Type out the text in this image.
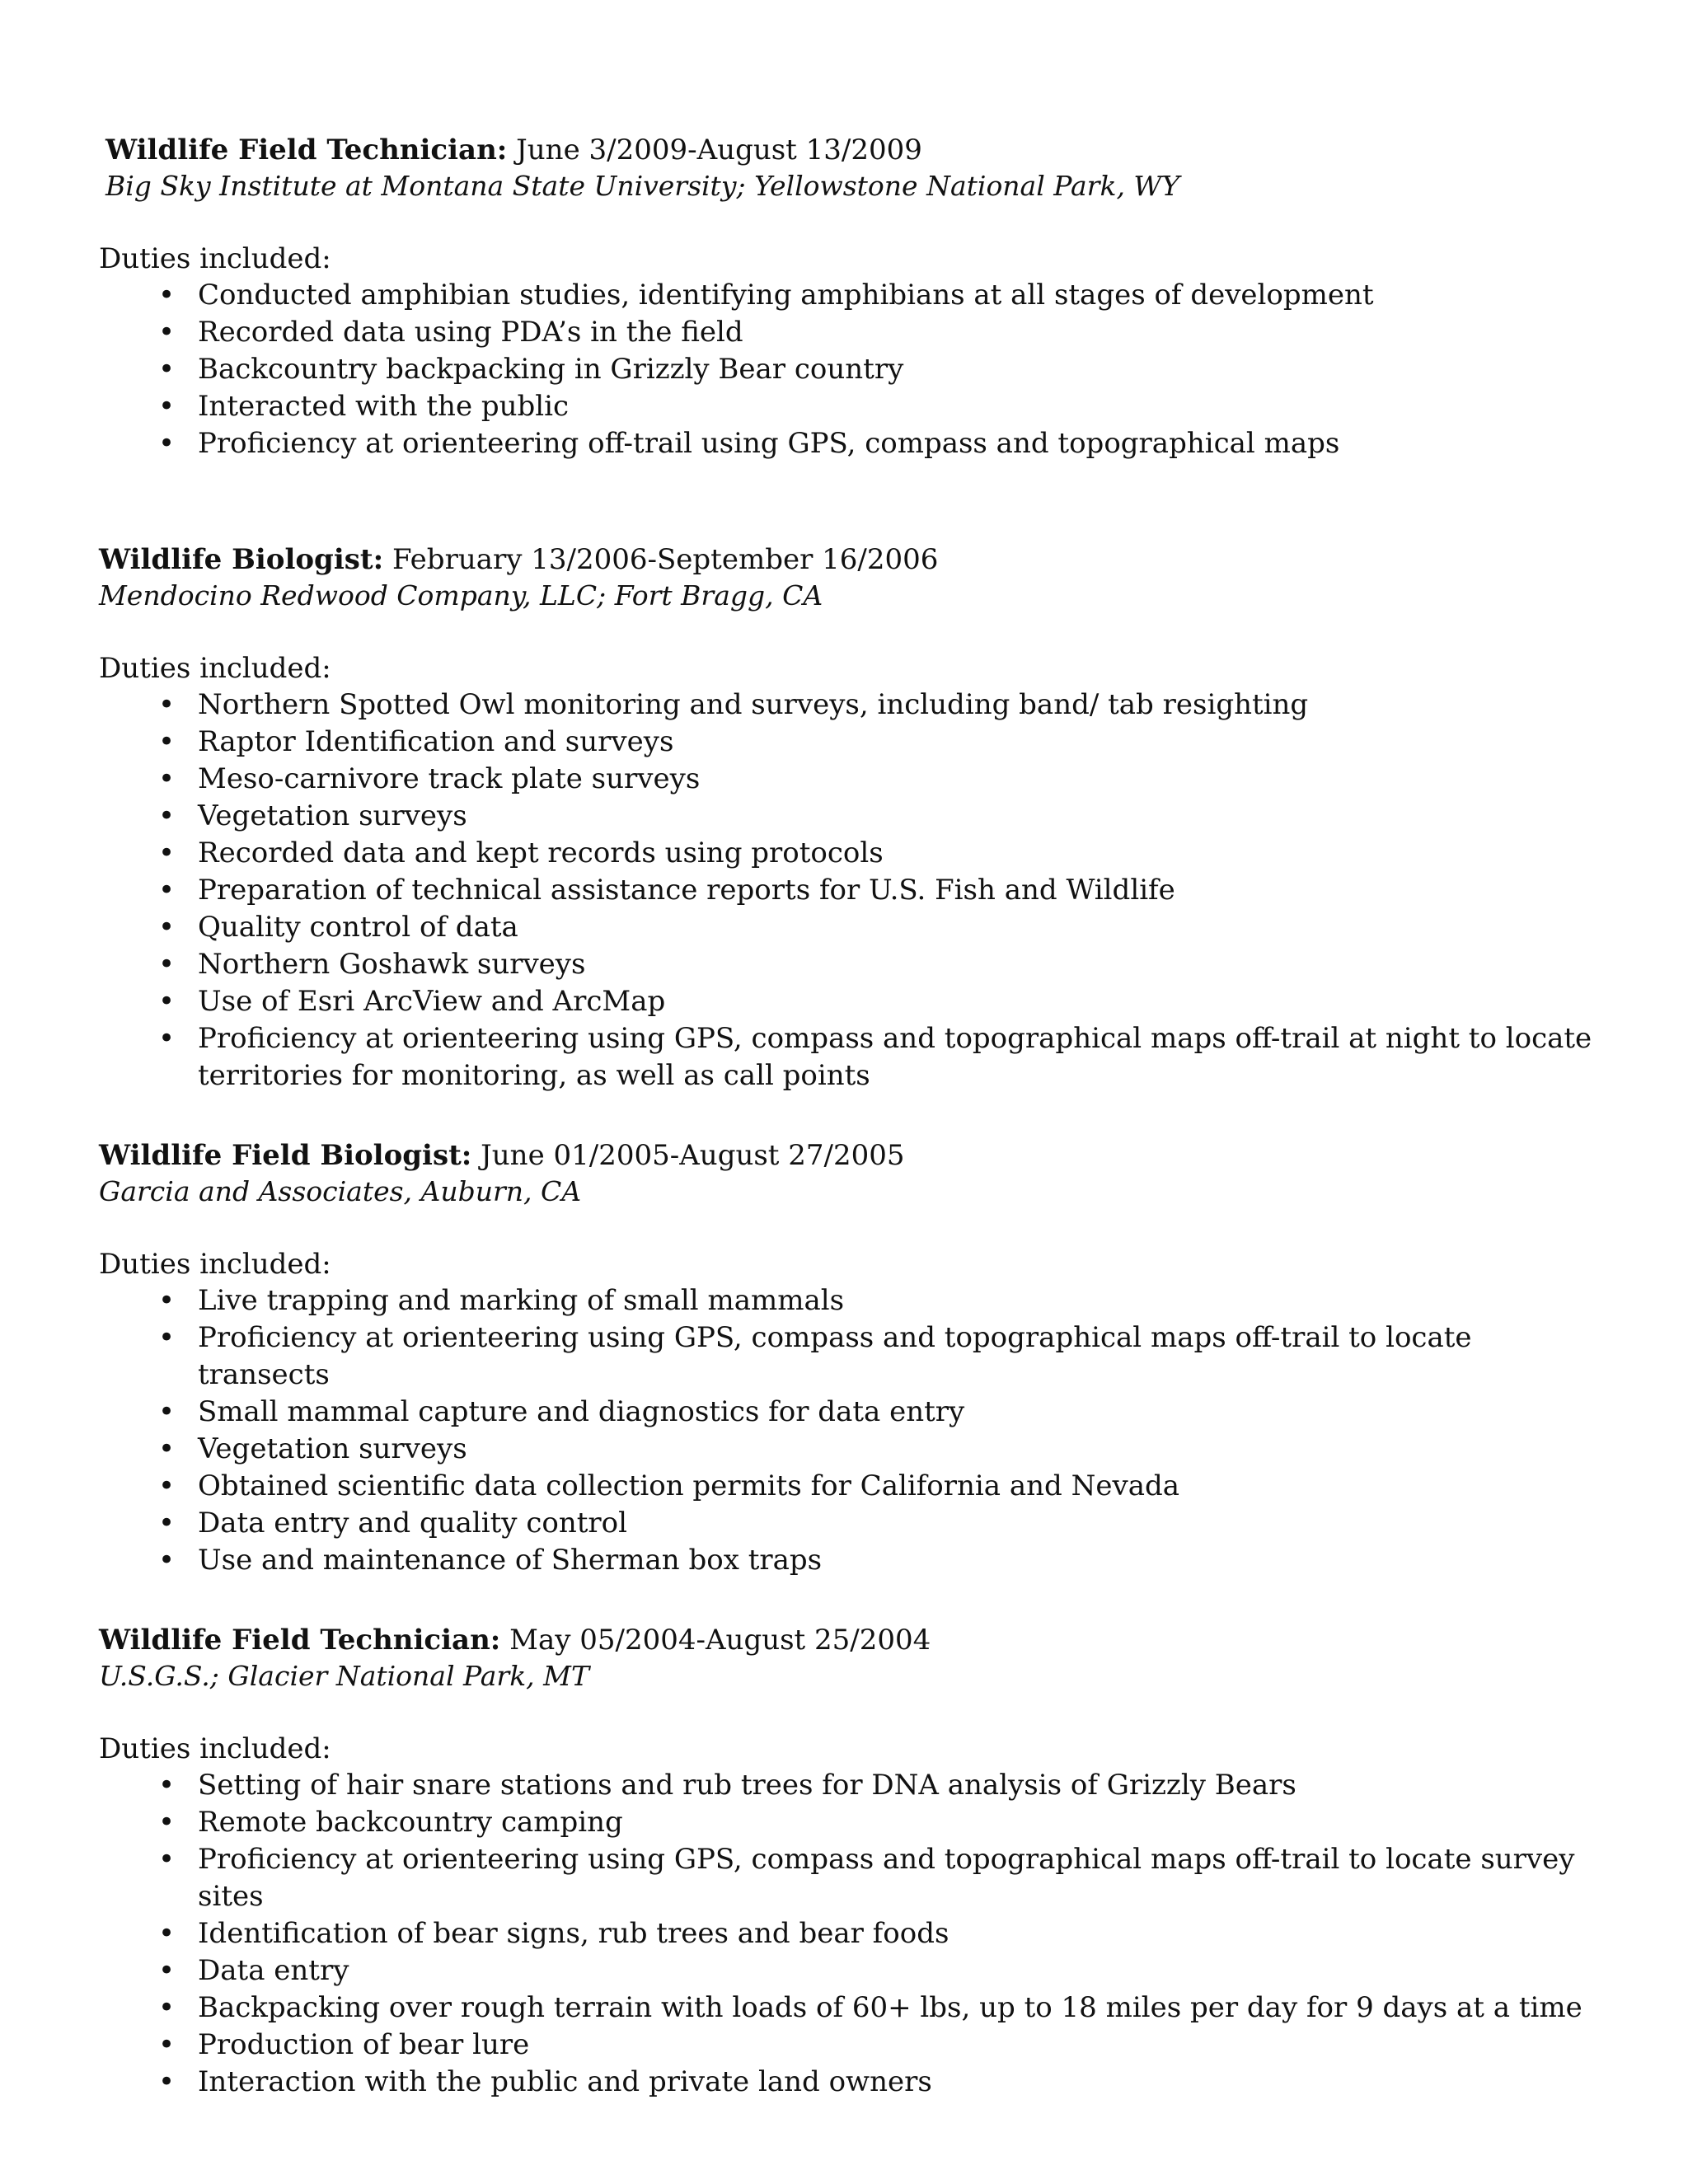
Wildlife Field Technician: June 3/2009-August 13/2009

Big Sky Institute at Montana State University; Yellowstone National Park, WY

Duties included:

• Conducted amphibian studies, identifying amphibians at all stages of development
• Recorded data using PDA’s in the field
• Backcountry backpacking in Grizzly Bear country
• Interacted with the public
• Proficiency at orienteering off-trail using GPS, compass and topographical maps

Wildlife Biologist: February 13/2006-September 16/2006

Mendocino Redwood Company, LLC; Fort Bragg, CA

Duties included:

• Northern Spotted Owl monitoring and surveys, including band/ tab resighting
• Raptor Identification and surveys
• Meso-carnivore track plate surveys
• Vegetation surveys
• Recorded data and kept records using protocols
• Preparation of technical assistance reports for U.S. Fish and Wildlife
• Quality control of data
• Northern Goshawk surveys
• Use of Esri ArcView and ArcMap
• Proficiency at orienteering using GPS, compass and topographical maps off-trail at night to locate territories for monitoring, as well as call points

Wildlife Field Biologist: June 01/2005-August 27/2005

Garcia and Associates, Auburn, CA

Duties included:

• Live trapping and marking of small mammals
• Proficiency at orienteering using GPS, compass and topographical maps off-trail to locate transects
• Small mammal capture and diagnostics for data entry
• Vegetation surveys
• Obtained scientific data collection permits for California and Nevada
• Data entry and quality control
• Use and maintenance of Sherman box traps

Wildlife Field Technician: May 05/2004-August 25/2004

U.S.G.S.; Glacier National Park, MT

Duties included:

• Setting of hair snare stations and rub trees for DNA analysis of Grizzly Bears
• Remote backcountry camping
• Proficiency at orienteering using GPS, compass and topographical maps off-trail to locate survey sites
• Identification of bear signs, rub trees and bear foods
• Data entry
• Backpacking over rough terrain with loads of 60+ lbs, up to 18 miles per day for 9 days at a time
• Production of bear lure
• Interaction with the public and private land owners
